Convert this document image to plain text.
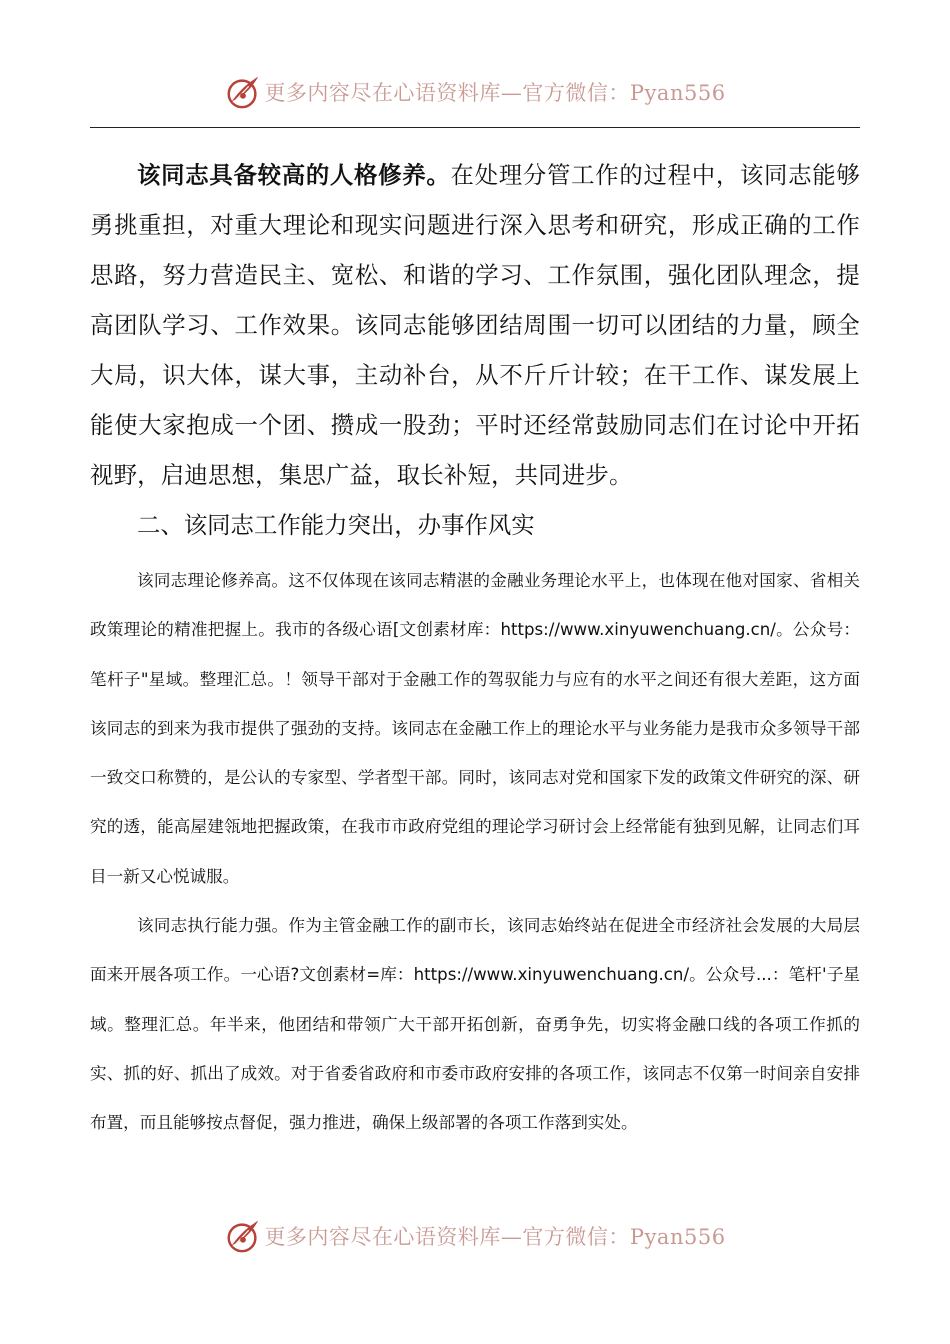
更多内容尽在心语资料库—官方微信：Pyan556

该同志具备较高的人格修养。在处理分管工作的过程中，该同志能够勇挑重担，对重大理论和现实问题进行深入思考和研究，形成正确的工作思路，努力营造民主、宽松、和谐的学习、工作氛围，强化团队理念，提高团队学习、工作效果。该同志能够团结周围一切可以团结的力量，顾全大局，识大体，谋大事，主动补台，从不斤斤计较；在干工作、谋发展上能使大家抱成一个团、攒成一股劲；平时还经常鼓励同志们在讨论中开拓视野，启迪思想，集思广益，取长补短，共同进步。

二、该同志工作能力突出，办事作风实

该同志理论修养高。这不仅体现在该同志精湛的金融业务理论水平上，也体现在他对国家、省相关政策理论的精准把握上。我市的各级心语[文创素材库：https://www.xinyuwenchuang.cn/。公众号：笔杆子"星域。整理汇总。！领导干部对于金融工作的驾驭能力与应有的水平之间还有很大差距，这方面该同志的到来为我市提供了强劲的支持。该同志在金融工作上的理论水平与业务能力是我市众多领导干部一致交口称赞的，是公认的专家型、学者型干部。同时，该同志对党和国家下发的政策文件研究的深、研究的透，能高屋建瓴地把握政策，在我市市政府党组的理论学习研讨会上经常能有独到见解，让同志们耳目一新又心悦诚服。

该同志执行能力强。作为主管金融工作的副市长，该同志始终站在促进全市经济社会发展的大局层面来开展各项工作。一心语?文创素材=库：https://www.xinyuwenchuang.cn/。公众号...：笔杆'子星域。整理汇总。年半来，他团结和带领广大干部开拓创新，奋勇争先，切实将金融口线的各项工作抓的实、抓的好、抓出了成效。对于省委省政府和市委市政府安排的各项工作，该同志不仅第一时间亲自安排布置，而且能够按点督促，强力推进，确保上级部署的各项工作落到实处。

更多内容尽在心语资料库—官方微信：Pyan556
